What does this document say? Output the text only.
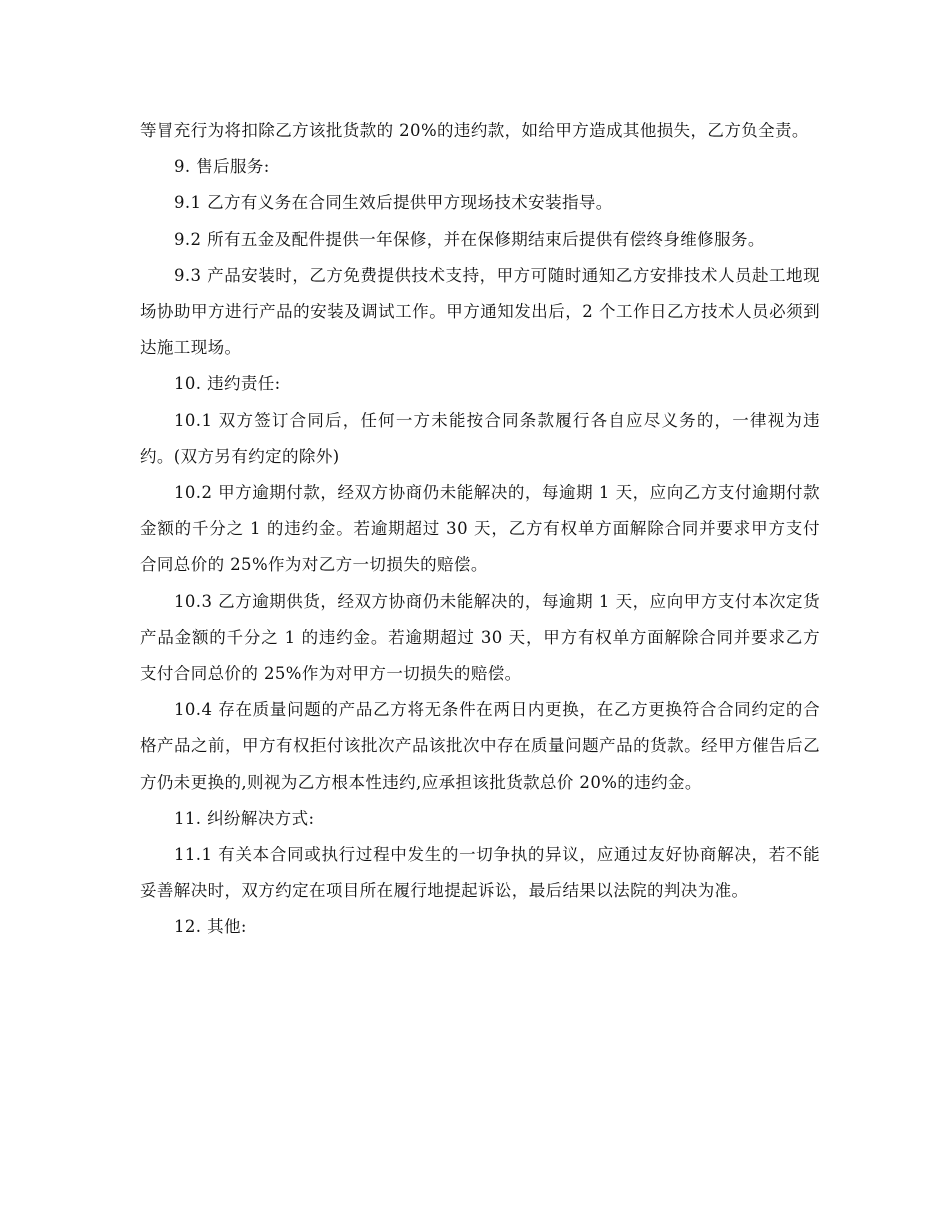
等冒充行为将扣除乙方该批货款的 20%的违约款，如给甲方造成其他损失，乙方负全责。

9. 售后服务:

9.1 乙方有义务在合同生效后提供甲方现场技术安装指导。

9.2 所有五金及配件提供一年保修，并在保修期结束后提供有偿终身维修服务。

9.3 产品安装时，乙方免费提供技术支持，甲方可随时通知乙方安排技术人员赴工地现场协助甲方进行产品的安装及调试工作。甲方通知发出后，2 个工作日乙方技术人员必须到达施工现场。

10. 违约责任:

10.1 双方签订合同后，任何一方未能按合同条款履行各自应尽义务的，一律视为违约。(双方另有约定的除外)

10.2 甲方逾期付款，经双方协商仍未能解决的，每逾期 1 天，应向乙方支付逾期付款金额的千分之 1 的违约金。若逾期超过 30 天，乙方有权单方面解除合同并要求甲方支付合同总价的 25%作为对乙方一切损失的赔偿。

10.3 乙方逾期供货，经双方协商仍未能解决的，每逾期 1 天，应向甲方支付本次定货产品金额的千分之 1 的违约金。若逾期超过 30 天，甲方有权单方面解除合同并要求乙方支付合同总价的 25%作为对甲方一切损失的赔偿。

10.4 存在质量问题的产品乙方将无条件在两日内更换，在乙方更换符合合同约定的合格产品之前，甲方有权拒付该批次产品该批次中存在质量问题产品的货款。经甲方催告后乙方仍未更换的,则视为乙方根本性违约,应承担该批货款总价 20%的违约金。

11. 纠纷解决方式:

11.1 有关本合同或执行过程中发生的一切争执的异议，应通过友好协商解决，若不能妥善解决时，双方约定在项目所在履行地提起诉讼，最后结果以法院的判决为准。

12. 其他:
